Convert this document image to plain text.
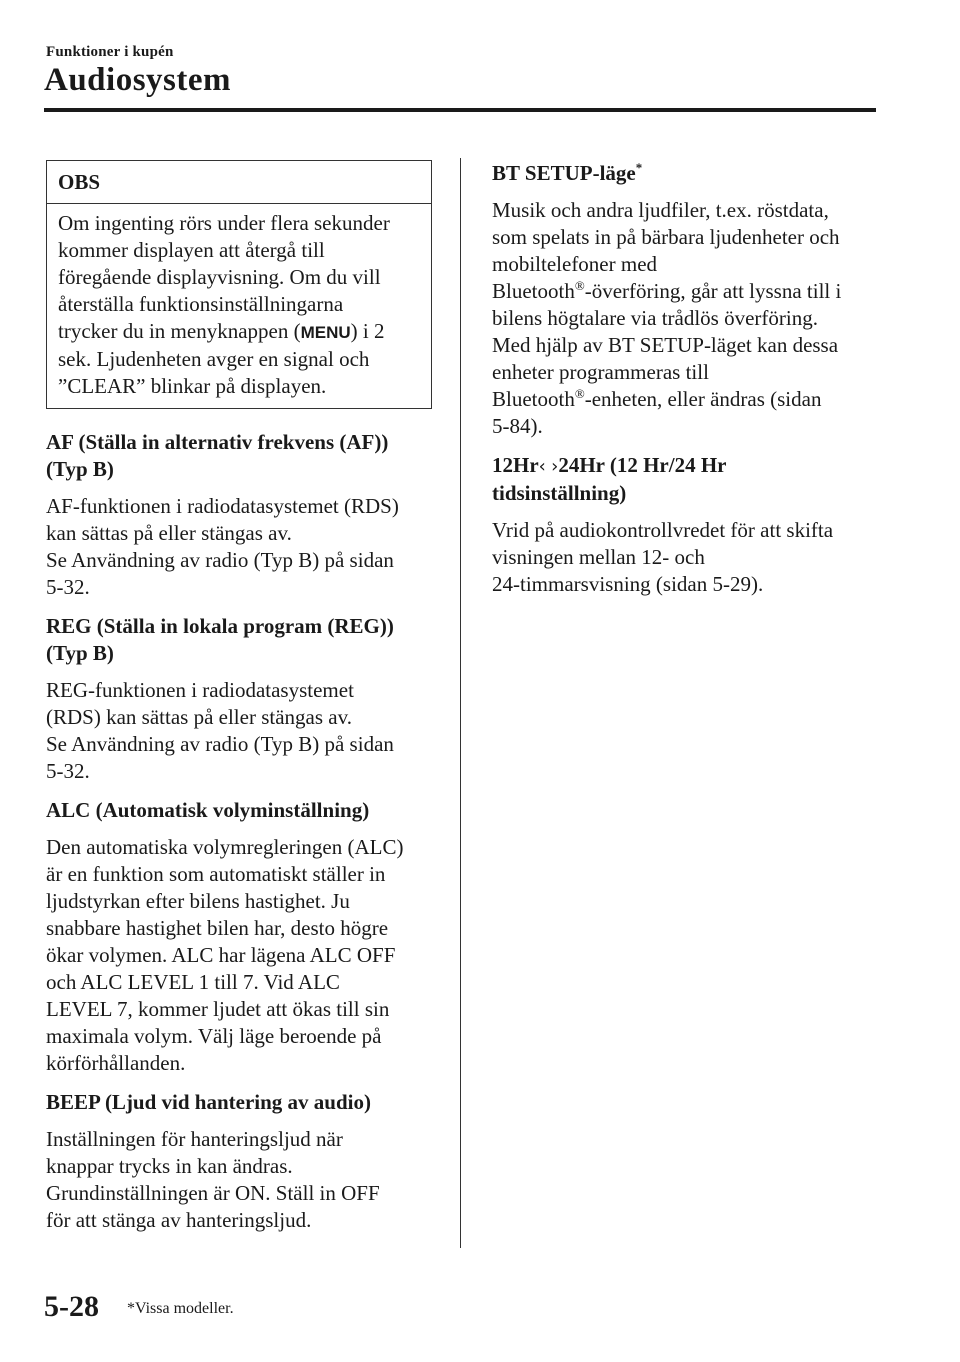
Funktioner i kupén
Audiosystem
OBS
Om ingenting rörs under flera sekunder
kommer displayen att återgå till
föregående displayvisning. Om du vill
återställa funktionsinställningarna
trycker du in menyknappen (MENU) i 2
sek. Ljudenheten avger en signal och
”CLEAR” blinkar på displayen.
AF (Ställa in alternativ frekvens (AF))
(Typ B)

AF-funktionen i radiodatasystemet (RDS)
kan sättas på eller stängas av.
Se Användning av radio (Typ B) på sidan
5-32.

REG (Ställa in lokala program (REG))
(Typ B)

REG-funktionen i radiodatasystemet
(RDS) kan sättas på eller stängas av.
Se Användning av radio (Typ B) på sidan
5-32.

ALC (Automatisk volyminställning)

Den automatiska volymregleringen (ALC)
är en funktion som automatiskt ställer in
ljudstyrkan efter bilens hastighet. Ju
snabbare hastighet bilen har, desto högre
ökar volymen. ALC har lägena ALC OFF
och ALC LEVEL 1 till 7. Vid ALC
LEVEL 7, kommer ljudet att ökas till sin
maximala volym. Välj läge beroende på
körförhållanden.

BEEP (Ljud vid hantering av audio)

Inställningen för hanteringsljud när
knappar trycks in kan ändras.
Grundinställningen är ON. Ställ in OFF
för att stänga av hanteringsljud.

BT SETUP-läge*

Musik och andra ljudfiler, t.ex. röstdata,
som spelats in på bärbara ljudenheter och
mobiltelefoner med
Bluetooth®-överföring, går att lyssna till i
bilens högtalare via trådlös överföring.
Med hjälp av BT SETUP-läget kan dessa
enheter programmeras till
Bluetooth®-enheten, eller ändras (sidan
5-84).

12Hr‹ ›24Hr (12 Hr/24 Hr
tidsinställning)

Vrid på audiokontrollvredet för att skifta
visningen mellan 12- och
24-timmarsvisning (sidan 5-29).

5-28 *Vissa modeller.
